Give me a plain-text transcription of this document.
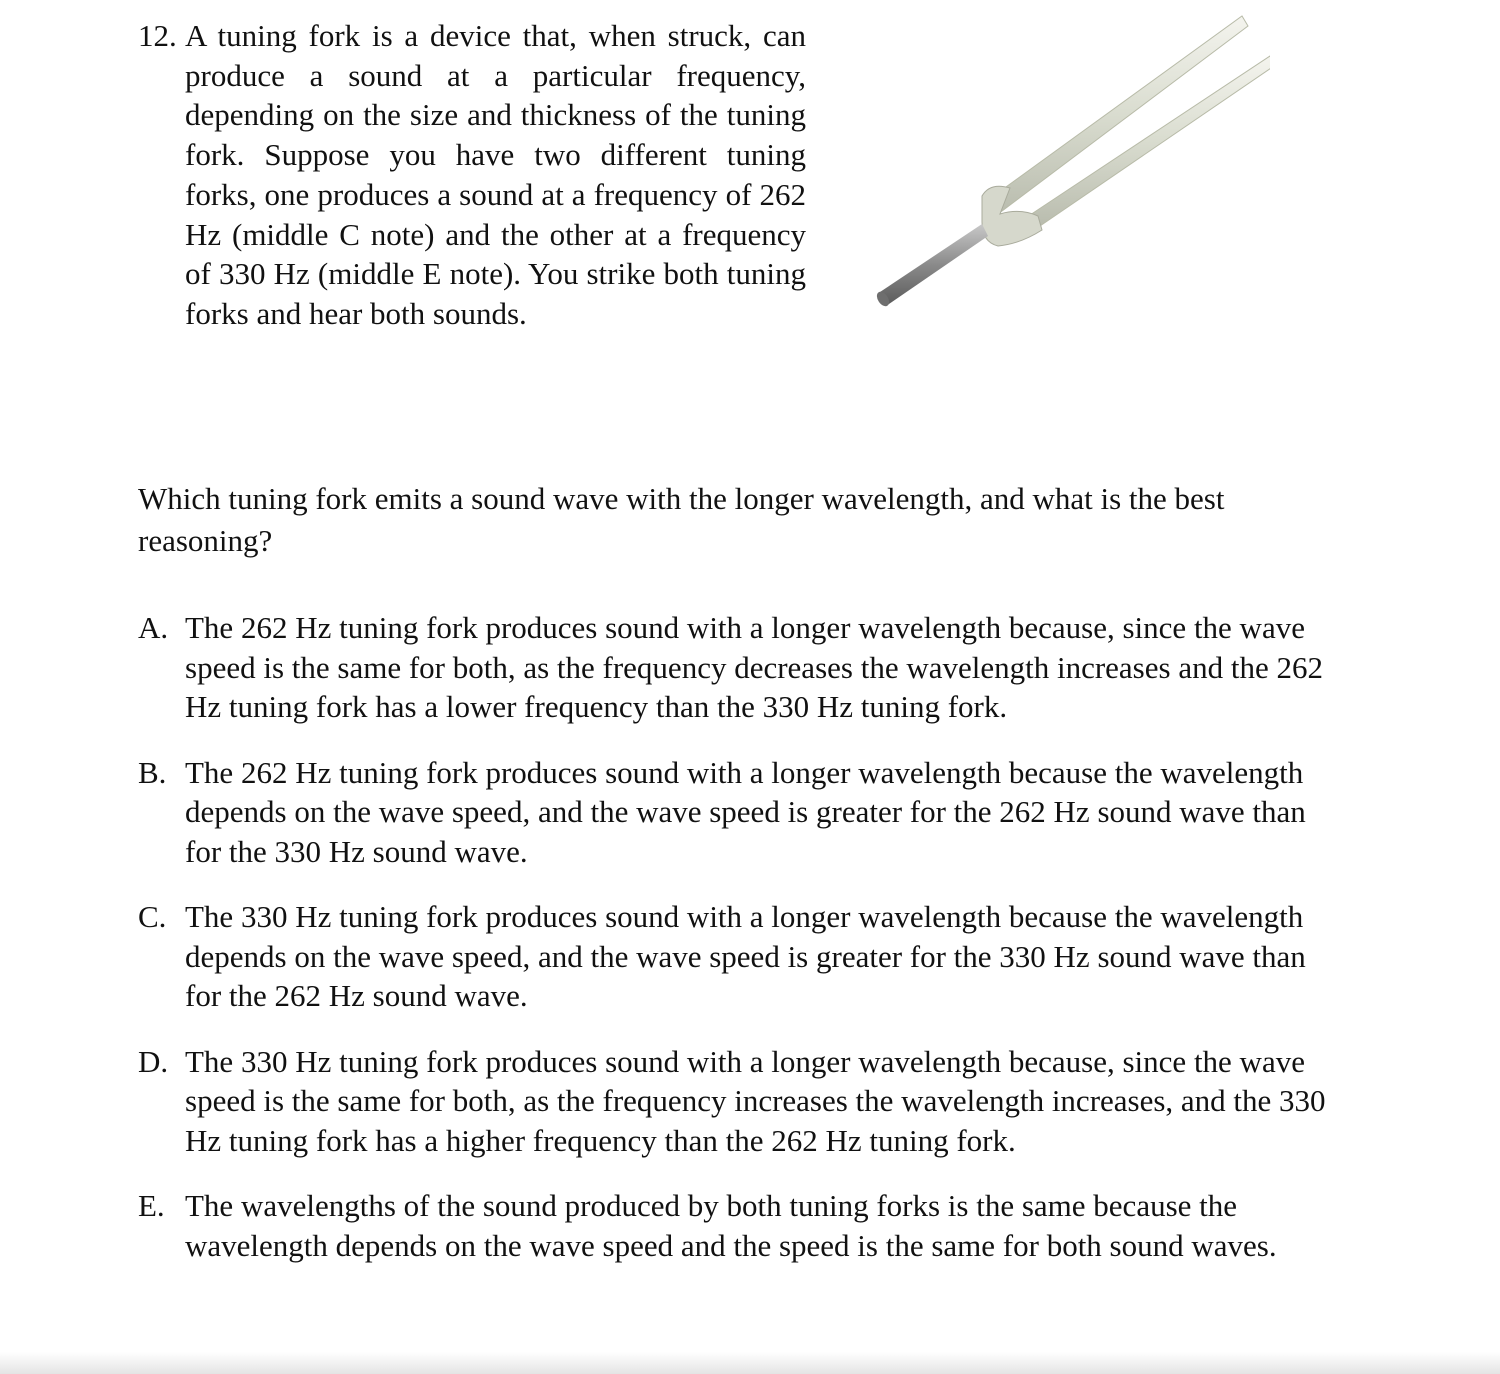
12. A tuning fork is a device that, when struck, can produce a sound at a particular frequency, depending on the size and thickness of the tuning fork. Suppose you have two different tuning forks, one produces a sound at a frequency of 262 Hz (middle C note) and the other at a frequency of 330 Hz (middle E note). You strike both tuning forks and hear both sounds.
Which tuning fork emits a sound wave with the longer wavelength, and what is the best reasoning?
A. The 262 Hz tuning fork produces sound with a longer wavelength because, since the wave speed is the same for both, as the frequency decreases the wavelength increases and the 262 Hz tuning fork has a lower frequency than the 330 Hz tuning fork.
B. The 262 Hz tuning fork produces sound with a longer wavelength because the wavelength depends on the wave speed, and the wave speed is greater for the 262 Hz sound wave than for the 330 Hz sound wave.
C. The 330 Hz tuning fork produces sound with a longer wavelength because the wavelength depends on the wave speed, and the wave speed is greater for the 330 Hz sound wave than for the 262 Hz sound wave.
D. The 330 Hz tuning fork produces sound with a longer wavelength because, since the wave speed is the same for both, as the frequency increases the wavelength increases, and the 330 Hz tuning fork has a higher frequency than the 262 Hz tuning fork.
E. The wavelengths of the sound produced by both tuning forks is the same because the wavelength depends on the wave speed and the speed is the same for both sound waves.
